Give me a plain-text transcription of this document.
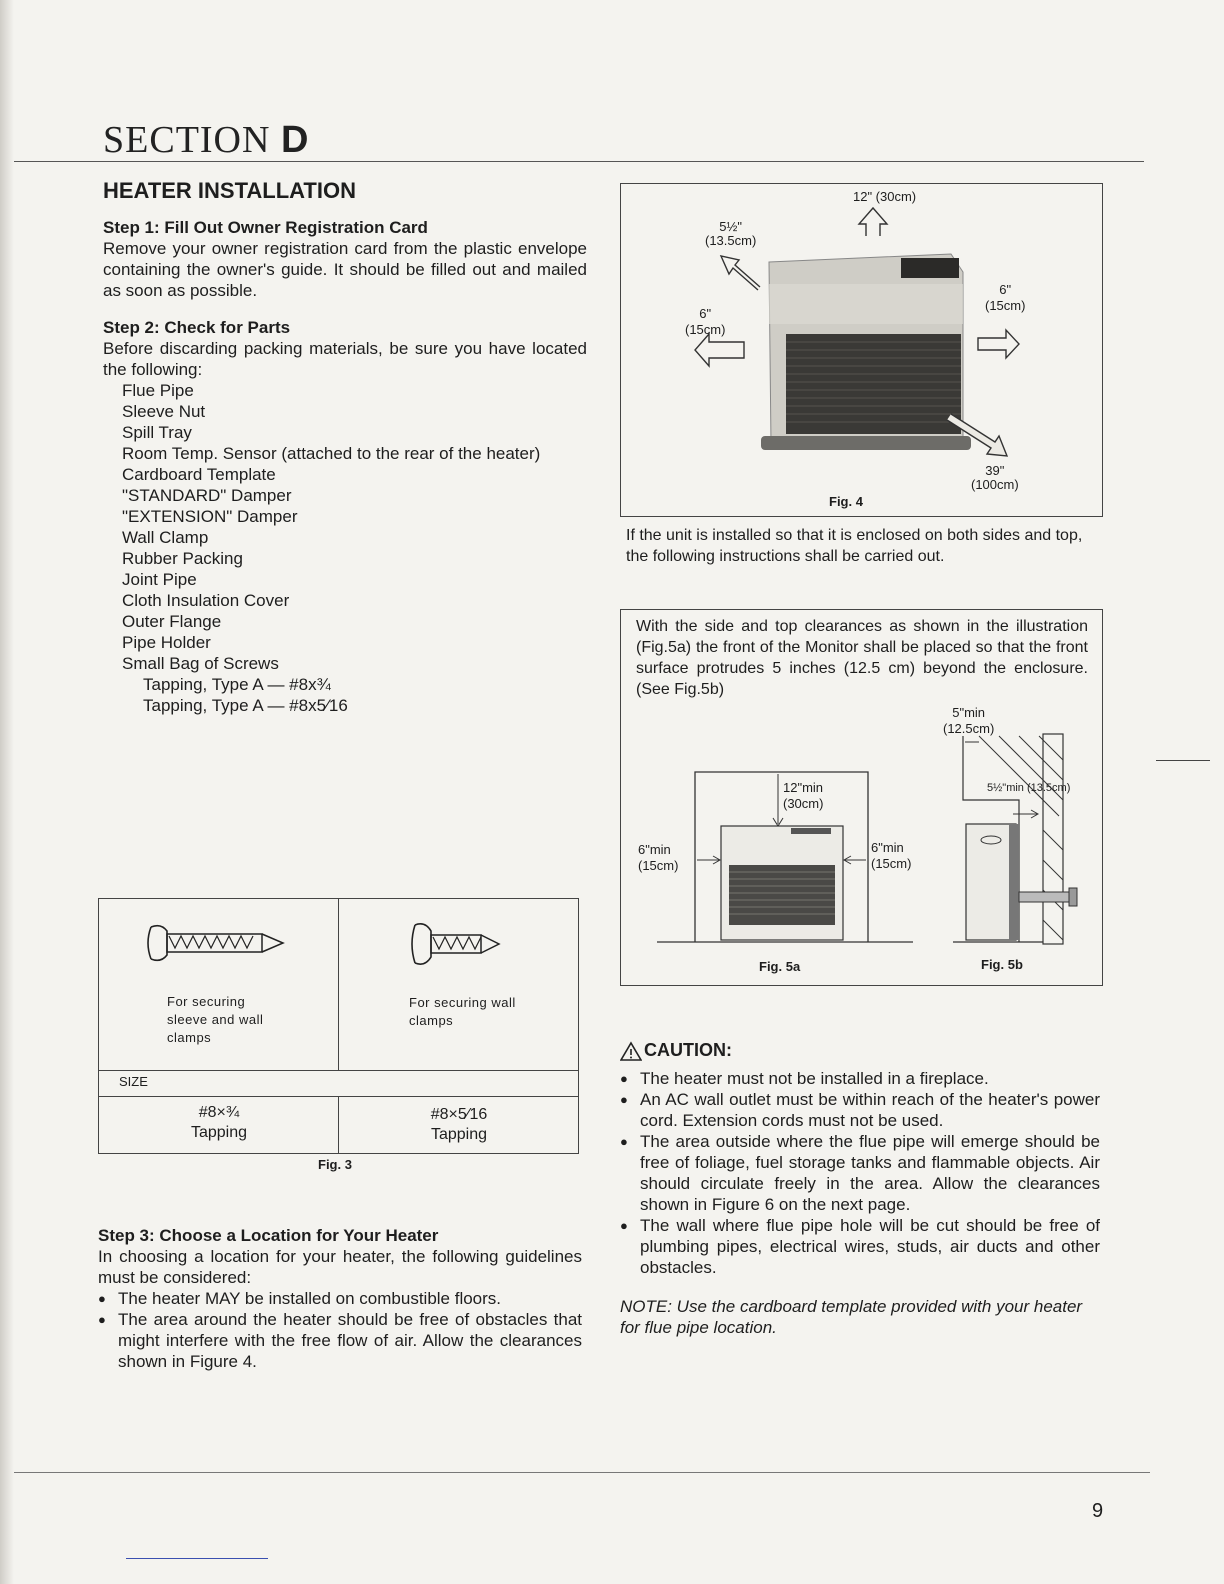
SECTION D
HEATER INSTALLATION
Step 1: Fill Out Owner Registration Card
Remove your owner registration card from the plastic envelope containing the owner's guide. It should be filled out and mailed as soon as possible.
Step 2: Check for Parts
Before discarding packing materials, be sure you have located the following:
Flue Pipe
Sleeve Nut
Spill Tray
Room Temp. Sensor (attached to the rear of the heater)
Cardboard Template
"STANDARD" Damper
"EXTENSION" Damper
Wall Clamp
Rubber Packing
Joint Pipe
Cloth Insulation Cover
Outer Flange
Pipe Holder
Small Bag of Screws
Tapping, Type A — #8x¾
Tapping, Type A — #8x5⁄16
For securing sleeve and wall clamps
For securing wall clamps
SIZE
#8×¾
Tapping
#8×5⁄16
Tapping
Fig. 3
Step 3: Choose a Location for Your Heater
In choosing a location for your heater, the following guidelines must be considered:
● The heater MAY be installed on combustible floors.
● The area around the heater should be free of obstacles that might interfere with the free flow of air. Allow the clearances shown in Figure 4.
12" (30cm)
5½"
(13.5cm)
6"
(15cm)
6"
(15cm)
39"
(100cm)
Fig. 4
If the unit is installed so that it is enclosed on both sides and top, the following instructions shall be carried out.
With the side and top clearances as shown in the illustration (Fig.5a) the front of the Monitor shall be placed so that the front surface protrudes 5 inches (12.5 cm) beyond the enclosure. (See Fig.5b)
5"min
(12.5cm)
5½"min (13.5cm)
12"min
(30cm)
6"min
(15cm)
6"min
(15cm)
Fig. 5a	Fig. 5b
CAUTION:
● The heater must not be installed in a fireplace.
● An AC wall outlet must be within reach of the heater's power cord. Extension cords must not be used.
● The area outside where the flue pipe will emerge should be free of foliage, fuel storage tanks and flammable objects. Air should circulate freely in the area. Allow the clearances shown in Figure 6 on the next page.
● The wall where flue pipe hole will be cut should be free of plumbing pipes, electrical wires, studs, air ducts and other obstacles.
NOTE: Use the cardboard template provided with your heater for flue pipe location.
9
